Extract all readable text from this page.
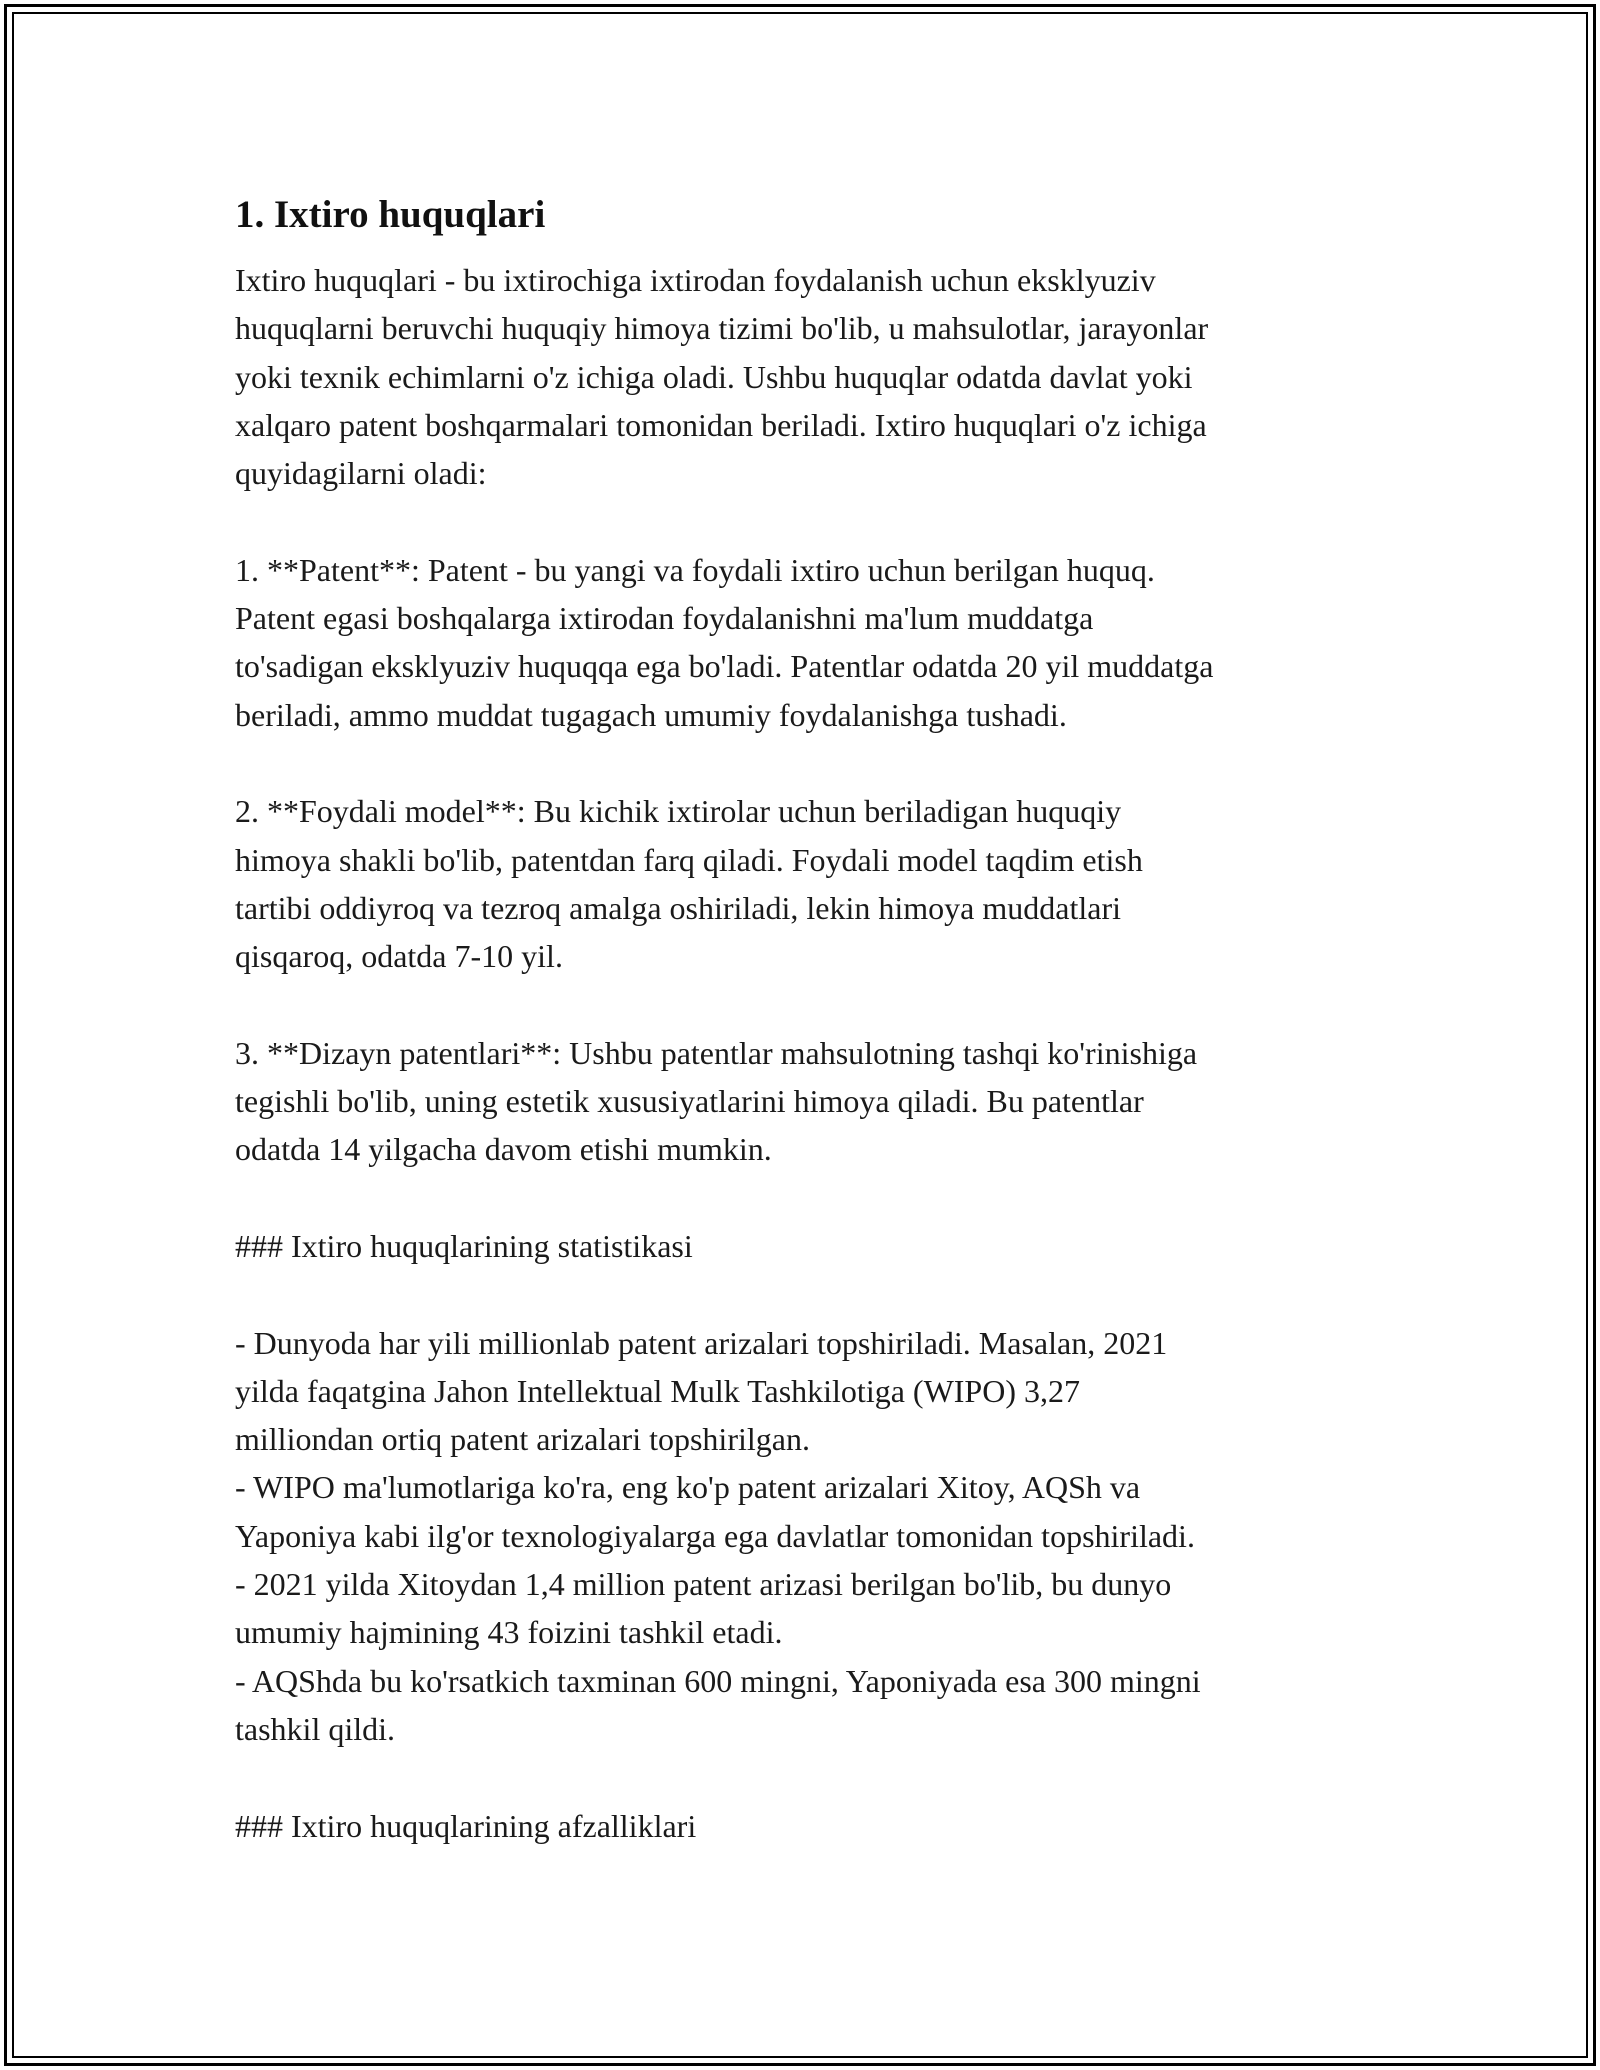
1. Ixtiro huquqlari

Ixtiro huquqlari - bu ixtirochiga ixtirodan foydalanish uchun eksklyuziv
huquqlarni beruvchi huquqiy himoya tizimi bo'lib, u mahsulotlar, jarayonlar
yoki texnik echimlarni o'z ichiga oladi. Ushbu huquqlar odatda davlat yoki
xalqaro patent boshqarmalari tomonidan beriladi. Ixtiro huquqlari o'z ichiga
quyidagilarni oladi:

1. **Patent**: Patent - bu yangi va foydali ixtiro uchun berilgan huquq.
Patent egasi boshqalarga ixtirodan foydalanishni ma'lum muddatga
to'sadigan eksklyuziv huquqqa ega bo'ladi. Patentlar odatda 20 yil muddatga
beriladi, ammo muddat tugagach umumiy foydalanishga tushadi.

2. **Foydali model**: Bu kichik ixtirolar uchun beriladigan huquqiy
himoya shakli bo'lib, patentdan farq qiladi. Foydali model taqdim etish
tartibi oddiyroq va tezroq amalga oshiriladi, lekin himoya muddatlari
qisqaroq, odatda 7-10 yil.

3. **Dizayn patentlari**: Ushbu patentlar mahsulotning tashqi ko'rinishiga
tegishli bo'lib, uning estetik xususiyatlarini himoya qiladi. Bu patentlar
odatda 14 yilgacha davom etishi mumkin.

### Ixtiro huquqlarining statistikasi

- Dunyoda har yili millionlab patent arizalari topshiriladi. Masalan, 2021
yilda faqatgina Jahon Intellektual Mulk Tashkilotiga (WIPO) 3,27
milliondan ortiq patent arizalari topshirilgan.
- WIPO ma'lumotlariga ko'ra, eng ko'p patent arizalari Xitoy, AQSh va
Yaponiya kabi ilg'or texnologiyalarga ega davlatlar tomonidan topshiriladi.
- 2021 yilda Xitoydan 1,4 million patent arizasi berilgan bo'lib, bu dunyo
umumiy hajmining 43 foizini tashkil etadi.
- AQShda bu ko'rsatkich taxminan 600 mingni, Yaponiyada esa 300 mingni
tashkil qildi.

### Ixtiro huquqlarining afzalliklari
